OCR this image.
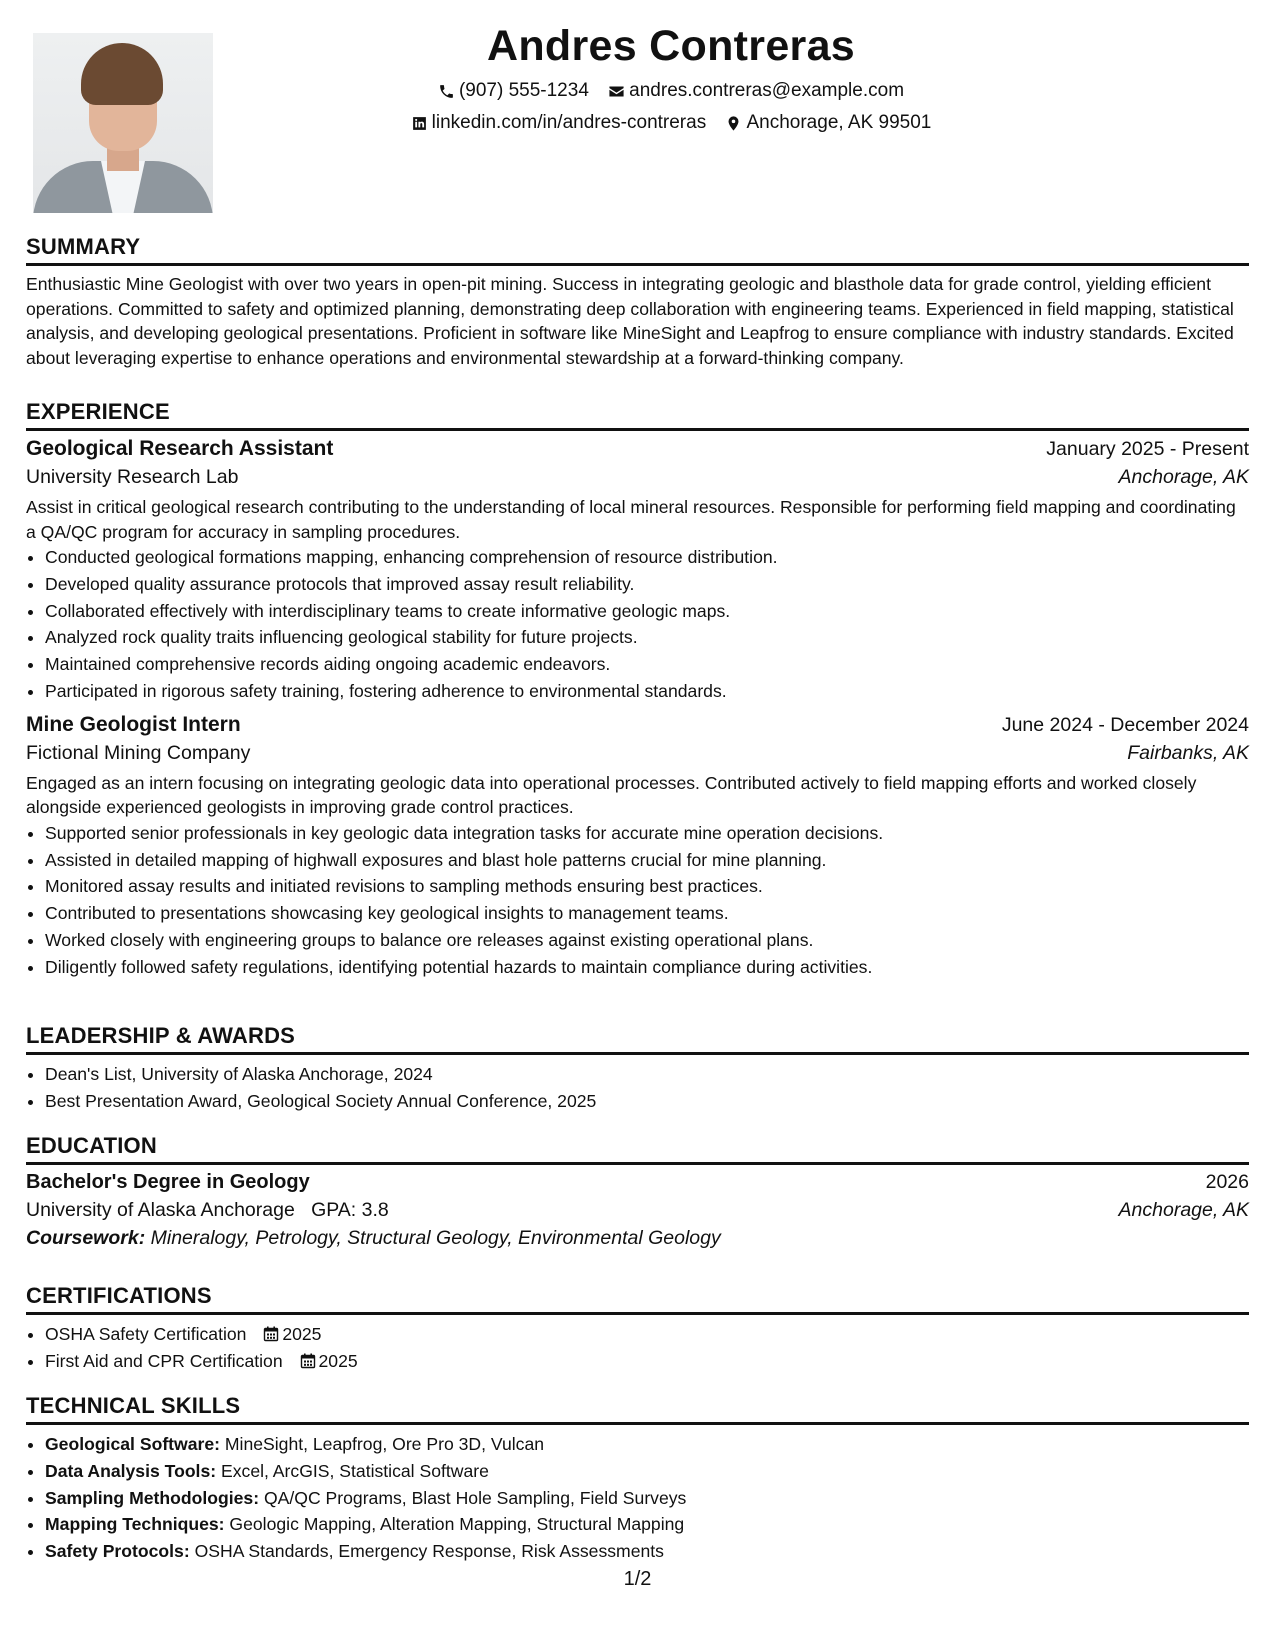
Andres Contreras
(907) 555-1234
andres.contreras@example.com
linkedin.com/in/andres-contreras
Anchorage, AK 99501
SUMMARY

Enthusiastic Mine Geologist with over two years in open-pit mining. Success in integrating geologic and blasthole data for grade control, yielding efficient operations. Committed to safety and optimized planning, demonstrating deep collaboration with engineering teams. Experienced in field mapping, statistical analysis, and developing geological presentations. Proficient in software like MineSight and Leapfrog to ensure compliance with industry standards. Excited about leveraging expertise to enhance operations and environmental stewardship at a forward-thinking company.

EXPERIENCE
Geological Research Assistant	January 2025 - Present
University Research Lab	Anchorage, AK

Assist in critical geological research contributing to the understanding of local mineral resources. Responsible for performing field mapping and coordinating a QA/QC program for accuracy in sampling procedures.

• Conducted geological formations mapping, enhancing comprehension of resource distribution.
• Developed quality assurance protocols that improved assay result reliability.
• Collaborated effectively with interdisciplinary teams to create informative geologic maps.
• Analyzed rock quality traits influencing geological stability for future projects.
• Maintained comprehensive records aiding ongoing academic endeavors.
• Participated in rigorous safety training, fostering adherence to environmental standards.
Mine Geologist Intern	June 2024 - December 2024
Fictional Mining Company	Fairbanks, AK

Engaged as an intern focusing on integrating geologic data into operational processes. Contributed actively to field mapping efforts and worked closely alongside experienced geologists in improving grade control practices.

• Supported senior professionals in key geologic data integration tasks for accurate mine operation decisions.
• Assisted in detailed mapping of highwall exposures and blast hole patterns crucial for mine planning.
• Monitored assay results and initiated revisions to sampling methods ensuring best practices.
• Contributed to presentations showcasing key geological insights to management teams.
• Worked closely with engineering groups to balance ore releases against existing operational plans.
• Diligently followed safety regulations, identifying potential hazards to maintain compliance during activities.
LEADERSHIP & AWARDS
• Dean's List, University of Alaska Anchorage, 2024
• Best Presentation Award, Geological Society Annual Conference, 2025
EDUCATION
Bachelor's Degree in Geology	2026
University of Alaska Anchorage GPA: 3.8	Anchorage, AK
Coursework: Mineralogy, Petrology, Structural Geology, Environmental Geology
CERTIFICATIONS
• OSHA Safety Certification 2025
• First Aid and CPR Certification 2025
TECHNICAL SKILLS
• Geological Software: MineSight, Leapfrog, Ore Pro 3D, Vulcan
• Data Analysis Tools: Excel, ArcGIS, Statistical Software
• Sampling Methodologies: QA/QC Programs, Blast Hole Sampling, Field Surveys
• Mapping Techniques: Geologic Mapping, Alteration Mapping, Structural Mapping
• Safety Protocols: OSHA Standards, Emergency Response, Risk Assessments
1/2
